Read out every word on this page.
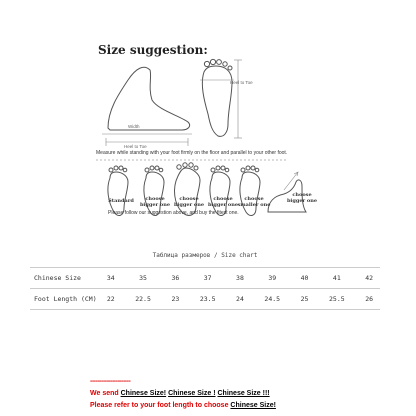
Size suggestion:
Width
Heel to Toe
Heel to Toe
Measure while standing with your foot firmly on the floor and parallel to your other foot.
Standard	choose
bigger one
choose
bigger one
choose
bigger one
choose
smaller one
choose
bigger one
Please follow our suggestion above, and buy the fitest one.
Таблица размеров / Size chart
Chinese Size	34	35	36	37	38	39	40	41	42
Foot Length (CM)	22	22.5	23	23.5	24	24.5	25	25.5	26
----------------------
We send Chinese Size! Chinese Size ! Chinese Size !!!
Please refer to your foot length to choose Chinese Size!
